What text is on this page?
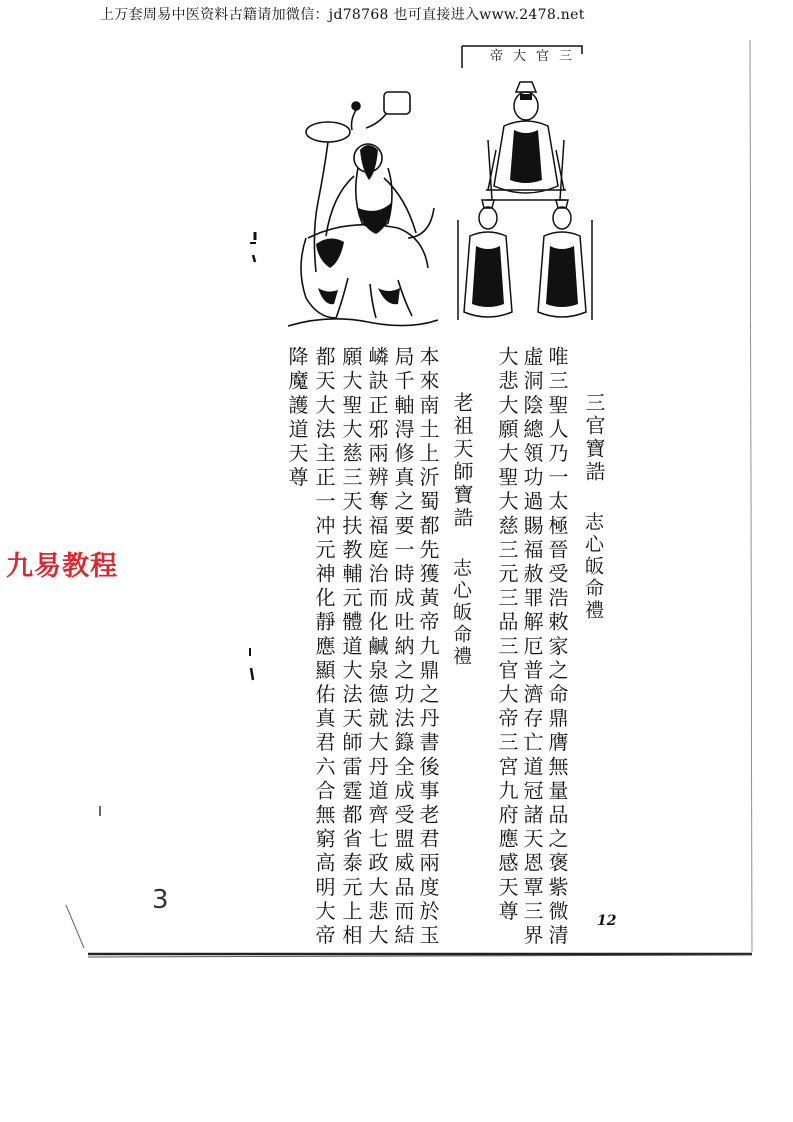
上万套周易中医资料古籍请加微信：jd78768 也可直接进入www.2478.net
帝大官三
三官寶誥
志心皈命禮
唯三聖人乃一太極晉受浩敕家之命鼎膺無量品之褒紫微清
虛洞陰總領功過賜福赦罪解厄普濟存亡道冠諸天恩覃三界
大悲大願大聖大慈三元三品三官大帝三宮九府應感天尊
老祖天師寶誥
志心皈命禮
本來南土上沂蜀都先獲黃帝九鼎之丹書後事老君兩度於玉
局千軸淂修真之要一時成吐納之功法籙全成受盟威品而結
嶙訣正邪兩辨奪福庭治而化鹹泉德就大丹道齊七政大悲大
願大聖大慈三天扶教輔元體道大法天師雷霆都省泰元上相
都天大法主正一冲元神化靜應顯佑真君六合無窮高明大帝
降魔護道天尊
九易教程
12
3
